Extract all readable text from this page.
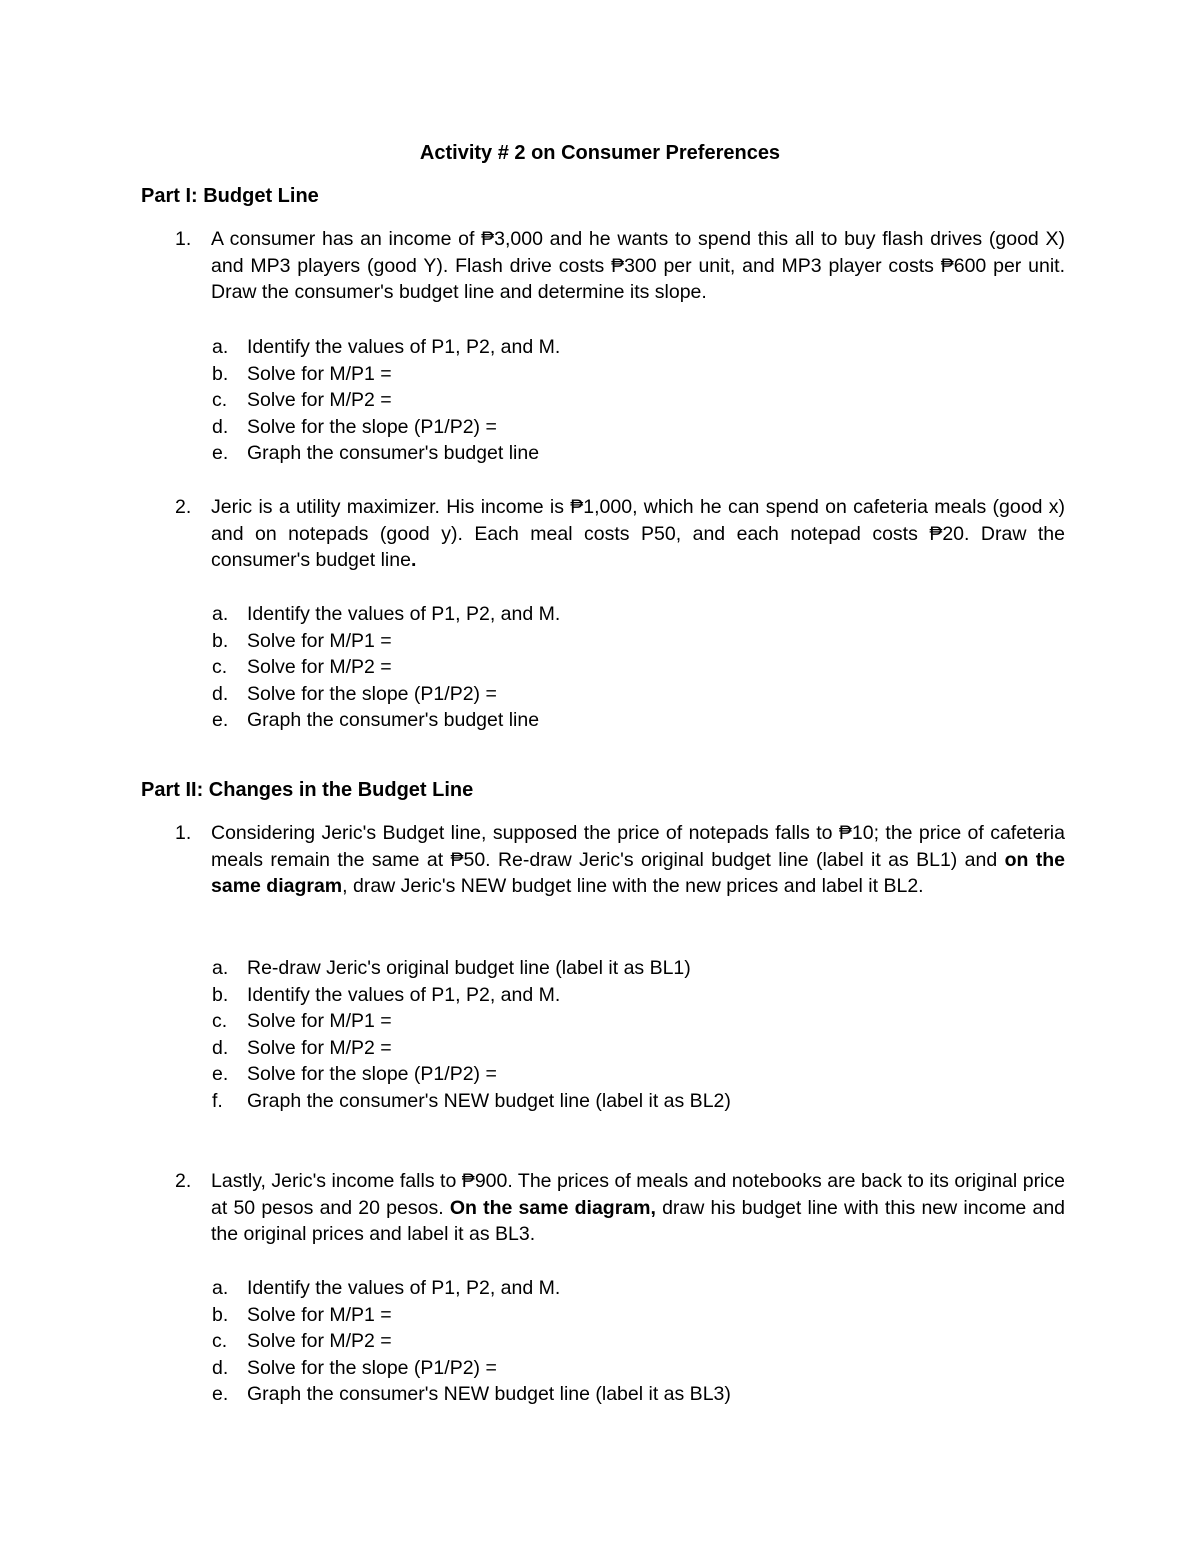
Activity # 2 on Consumer Preferences
Part I: Budget Line
1. A consumer has an income of ₱3,000 and he wants to spend this all to buy flash drives (good X) and MP3 players (good Y). Flash drive costs ₱300 per unit, and MP3 player costs ₱600 per unit. Draw the consumer's budget line and determine its slope.
a. Identify the values of P1, P2, and M.
b. Solve for M/P1 =
c. Solve for M/P2 =
d. Solve for the slope (P1/P2) =
e. Graph the consumer's budget line
2. Jeric is a utility maximizer. His income is ₱1,000, which he can spend on cafeteria meals (good x) and on notepads (good y). Each meal costs P50, and each notepad costs ₱20. Draw the consumer's budget line.
a. Identify the values of P1, P2, and M.
b. Solve for M/P1 =
c. Solve for M/P2 =
d. Solve for the slope (P1/P2) =
e. Graph the consumer's budget line
Part II: Changes in the Budget Line
1. Considering Jeric's Budget line, supposed the price of notepads falls to ₱10; the price of cafeteria meals remain the same at ₱50. Re-draw Jeric's original budget line (label it as BL1) and on the same diagram, draw Jeric's NEW budget line with the new prices and label it BL2.
a. Re-draw Jeric's original budget line (label it as BL1)
b. Identify the values of P1, P2, and M.
c. Solve for M/P1 =
d. Solve for M/P2 =
e. Solve for the slope (P1/P2) =
f. Graph the consumer's NEW budget line (label it as BL2)
2. Lastly, Jeric's income falls to ₱900. The prices of meals and notebooks are back to its original price at 50 pesos and 20 pesos. On the same diagram, draw his budget line with this new income and the original prices and label it as BL3.
a. Identify the values of P1, P2, and M.
b. Solve for M/P1 =
c. Solve for M/P2 =
d. Solve for the slope (P1/P2) =
e. Graph the consumer's NEW budget line (label it as BL3)
